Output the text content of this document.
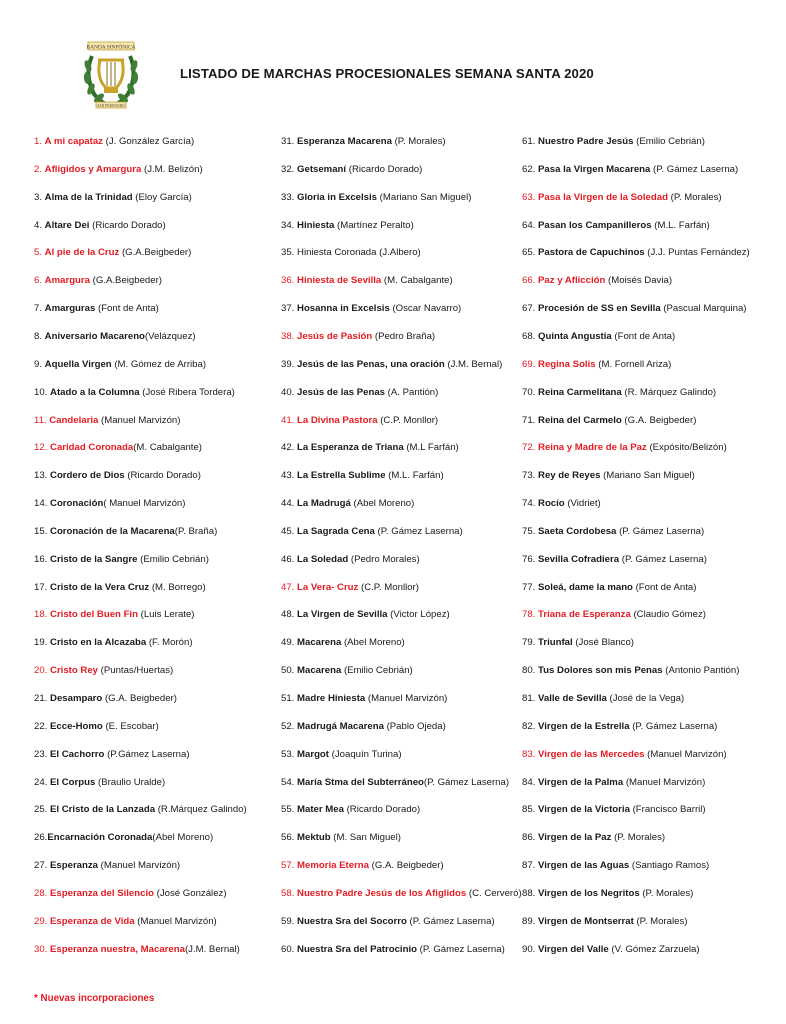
BANDA SINFÓNICA
SAN FERNANDO
LISTADO DE MARCHAS PROCESIONALES SEMANA SANTA 2020
1. A mi capataz (J. González García)
2. Afligidos y Amargura (J.M. Belizón)
3. Alma de la Trinidad (Eloy García)
4. Altare Dei (Ricardo Dorado)
5. Al pie de la Cruz (G.A.Beigbeder)
6. Amargura (G.A.Beigbeder)
7. Amarguras (Font de Anta)
8. Aniversario Macareno(Velázquez)
9. Aquella Virgen (M. Gómez de Arriba)
10. Atado a la Columna (José Ribera Tordera)
11. Candelaria (Manuel Marvizón)
12. Caridad Coronada(M. Cabalgante)
13. Cordero de Dios (Ricardo Dorado)
14. Coronación( Manuel Marvizón)
15. Coronación de la Macarena(P. Braña)
16. Cristo de la Sangre (Emilio Cebrián)
17. Cristo de la Vera Cruz (M. Borrego)
18. Cristo del Buen Fin (Luis Lerate)
19. Cristo en la Alcazaba (F. Morón)
20. Cristo Rey (Puntas/Huertas)
21. Desamparo (G.A. Beigbeder)
22. Ecce-Homo (E. Escobar)
23. El Cachorro (P.Gámez Laserna)
24. El Corpus (Braulio Uralde)
25. El Cristo de la Lanzada (R.Márquez Galindo)
26.Encarnación Coronada(Abel Moreno)
27. Esperanza (Manuel Marvizón)
28. Esperanza del Silencio (José González)
29. Esperanza de Vida (Manuel Marvizón)
30. Esperanza nuestra, Macarena(J.M. Bernal)
31. Esperanza Macarena (P. Morales)
32. Getsemaní (Ricardo Dorado)
33. Gloria in Excelsis (Mariano San Miguel)
34. Hiniesta (Martínez Peralto)
35. Hiniesta Coronada (J.Albero)
36. Hiniesta de Sevilla (M. Cabalgante)
37. Hosanna in Excelsis (Oscar Navarro)
38. Jesús de Pasión (Pedro Braña)
39. Jesús de las Penas, una oración (J.M. Bernal)
40. Jesús de las Penas (A. Pantión)
41. La Divina Pastora (C.P. Monllor)
42. La Esperanza de Triana (M.L Farfán)
43. La Estrella Sublime (M.L. Farfán)
44. La Madrugá (Abel Moreno)
45. La Sagrada Cena (P. Gámez Laserna)
46. La Soledad (Pedro Morales)
47. La Vera- Cruz (C.P. Monllor)
48. La Virgen de Sevilla (Victor López)
49. Macarena (Abel Moreno)
50. Macarena (Emilio Cebrián)
51. Madre Hiniesta (Manuel Marvizón)
52. Madrugá Macarena (Pablo Ojeda)
53. Margot (Joaquín Turina)
54. María Stma del Subterráneo(P. Gámez Laserna)
55. Mater Mea (Ricardo Dorado)
56. Mektub (M. San Miguel)
57. Memoria Eterna (G.A. Beigbeder)
58. Nuestro Padre Jesús de los Afiglidos (C. Cerveró)
59. Nuestra Sra del Socorro (P. Gámez Laserna)
60. Nuestra Sra del Patrocinio (P. Gámez Laserna)
61. Nuestro Padre Jesús (Emilio Cebrián)
62. Pasa la Virgen Macarena (P. Gámez Laserna)
63. Pasa la Virgen de la Soledad (P. Morales)
64. Pasan los Campanilleros (M.L. Farfán)
65. Pastora de Capuchinos (J.J. Puntas Fernández)
66. Paz y Aflicción (Moisés Davia)
67. Procesión de SS en Sevilla (Pascual Marquina)
68. Quinta Angustia (Font de Anta)
69. Regina Solis (M. Fornell Ariza)
70. Reina Carmelitana (R. Márquez Galindo)
71. Reina del Carmelo (G.A. Beigbeder)
72. Reina y Madre de la Paz (Expósito/Belizón)
73. Rey de Reyes (Mariano San Miguel)
74. Rocío (Vidriet)
75. Saeta Cordobesa (P. Gámez Laserna)
76. Sevilla Cofradiera (P. Gámez Laserna)
77. Soleá, dame la mano (Font de Anta)
78. Triana de Esperanza (Claudio Gómez)
79. Triunfal (José Blanco)
80. Tus Dolores son mis Penas (Antonio Pantión)
81. Valle de Sevilla (José de la Vega)
82. Virgen de la Estrella (P. Gámez Laserna)
83. Virgen de las Mercedes (Manuel Marvizón)
84. Virgen de la Palma (Manuel Marvizón)
85. Virgen de la Victoria (Francisco Barril)
86. Virgen de la Paz (P. Morales)
87. Virgen de las Aguas (Santiago Ramos)
88. Virgen de los Negritos (P. Morales)
89. Virgen de Montserrat (P. Morales)
90. Virgen del Valle (V. Gómez Zarzuela)
* Nuevas incorporaciones
